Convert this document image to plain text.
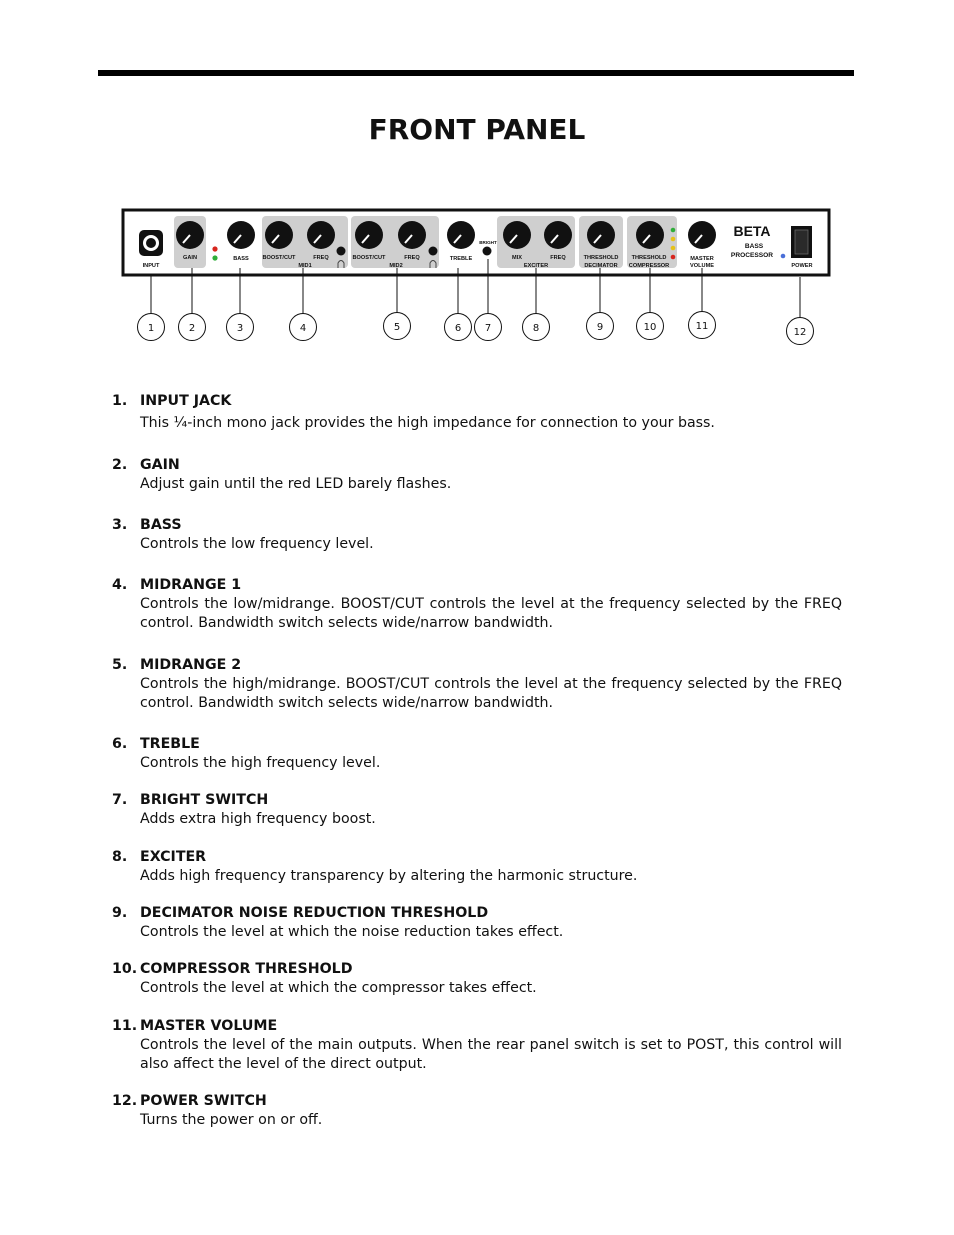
FRONT PANEL
INPUT
GAIN	BASS BOOST/CUT	FREQ
MID1
BOOST/CUT	FREQ
MID2
TREBLE
BRIGHT
MIX	FREQ
EXCITER
THRESHOLD
DECIMATOR
THRESHOLD
COMPRESSOR
MASTER
VOLUME	POWER
BETA
BASS
PROCESSOR
1	2	3	4	5	6 7	8	9	10	11
12
1. INPUT JACK
This ¼-inch mono jack provides the high impedance for connection to your bass.
2. GAIN
Adjust gain until the red LED barely flashes.
3. BASS
Controls the low frequency level.
4. MIDRANGE 1
Controls the low/midrange. BOOST/CUT controls the level at the frequency selected by the FREQ control. Bandwidth switch selects wide/narrow bandwidth.
5. MIDRANGE 2
Controls the high/midrange. BOOST/CUT controls the level at the frequency selected by the FREQ control. Bandwidth switch selects wide/narrow bandwidth.
6. TREBLE
Controls the high frequency level.
7. BRIGHT SWITCH
Adds extra high frequency boost.
8. EXCITER
Adds high frequency transparency by altering the harmonic structure.
9. DECIMATOR NOISE REDUCTION THRESHOLD
Controls the level at which the noise reduction takes effect.
10. COMPRESSOR THRESHOLD
Controls the level at which the compressor takes effect.
11. MASTER VOLUME
Controls the level of the main outputs. When the rear panel switch is set to POST, this control will also affect the level of the direct output.
12. POWER SWITCH
Turns the power on or off.
